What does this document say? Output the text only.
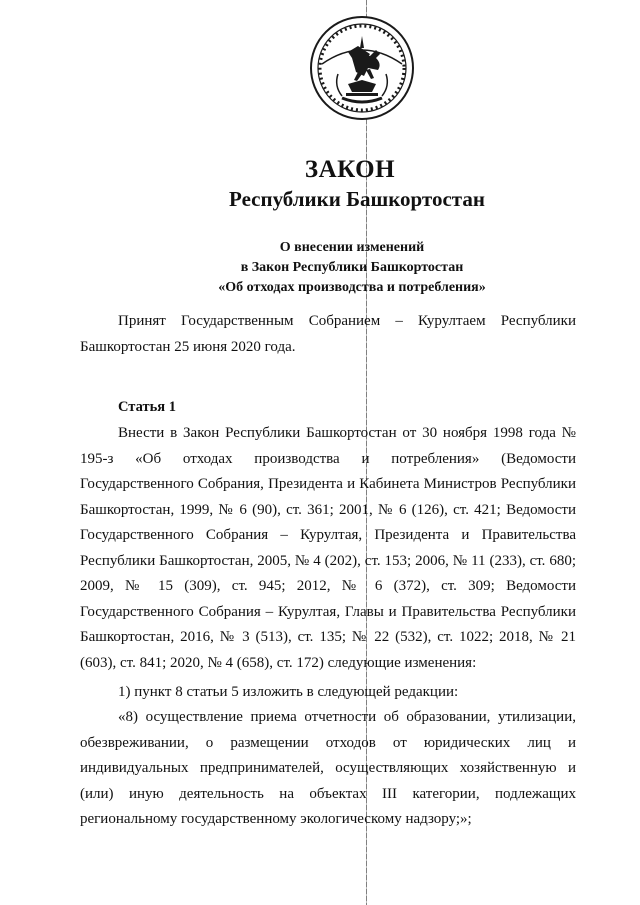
ЗАКОН
Республики Башкортостан
О внесении изменений
в Закон Республики Башкортостан
«Об отходах производства и потребления»

Принят Государственным Собранием – Курултаем Республики Башкортостан 25 июня 2020 года.

Статья 1

Внести в Закон Республики Башкортостан от 30 ноября 1998 года № 195-з «Об отходах производства и потребления» (Ведомости Государственного Собрания, Президента и Кабинета Министров Республики Башкортостан, 1999, № 6 (90), ст. 361; 2001, № 6 (126), ст. 421; Ведомости Государственного Собрания – Курултая, Президента и Правительства Республики Башкортостан, 2005, № 4 (202), ст. 153; 2006, № 11 (233), ст. 680; 2009, № 15 (309), ст. 945; 2012, № 6 (372), ст. 309; Ведомости Государственного Собрания – Курултая, Главы и Правительства Республики Башкортостан, 2016, № 3 (513), ст. 135; № 22 (532), ст. 1022; 2018, № 21 (603), ст. 841; 2020, № 4 (658), ст. 172) следующие изменения:

1) пункт 8 статьи 5 изложить в следующей редакции:

«8) осуществление приема отчетности об образовании, утилизации, обезвреживании, о размещении отходов от юридических лиц и индивидуальных предпринимателей, осуществляющих хозяйственную и (или) иную деятельность на объектах III категории, подлежащих региональному государственному экологическому надзору;»;
